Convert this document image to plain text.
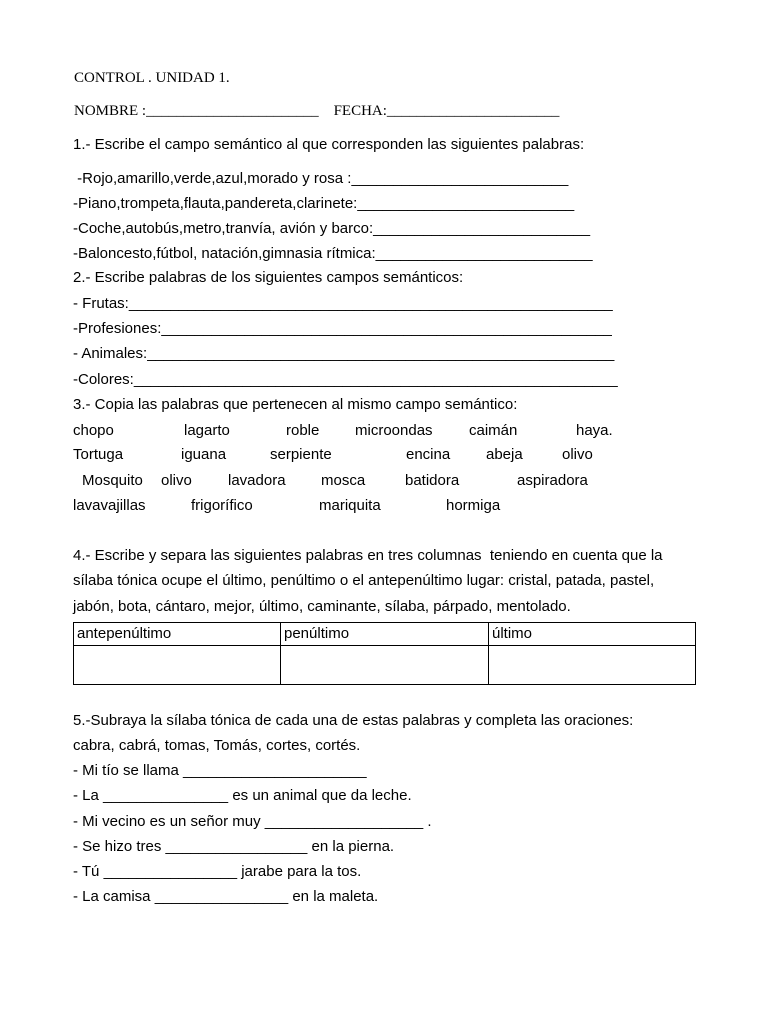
CONTROL . UNIDAD 1.
NOMBRE :_______________________    FECHA:_______________________
1.- Escribe el campo semántico al que corresponden las siguientes palabras:
-Rojo,amarillo,verde,azul,morado y rosa :__________________________
-Piano,trompeta,flauta,pandereta,clarinete:__________________________
-Coche,autobús,metro,tranvía, avión y barco:__________________________
-Baloncesto,fútbol, natación,gimnasia rítmica:__________________________
2.- Escribe palabras de los siguientes campos semánticos:
- Frutas:__________________________________________________________
-Profesiones:______________________________________________________
- Animales:________________________________________________________
-Colores:__________________________________________________________
3.- Copia las palabras que pertenecen al mismo campo semántico:
chopo	lagarto	roble microondas caimán	haya.
Tortuga	iguana	serpiente	encina abeja	olivo
Mosquito olivo lavadora mosca	batidora	aspiradora
lavavajillas	frigorífico	mariquita	hormiga
4.- Escribe y separa las siguientes palabras en tres columnas  teniendo en cuenta que la
sílaba tónica ocupe el último, penúltimo o el antepenúltimo lugar: cristal, patada, pastel,
jabón, bota, cántaro, mejor, último, caminante, sílaba, párpado, mentolado.
antepenúltimo	penúltimo	último

5.-Subraya la sílaba tónica de cada una de estas palabras y completa las oraciones:
cabra, cabrá, tomas, Tomás, cortes, cortés.
- Mi tío se llama ______________________
- La _______________ es un animal que da leche.
- Mi vecino es un señor muy ___________________ .
- Se hizo tres _________________ en la pierna.
- Tú ________________ jarabe para la tos.
- La camisa ________________ en la maleta.
